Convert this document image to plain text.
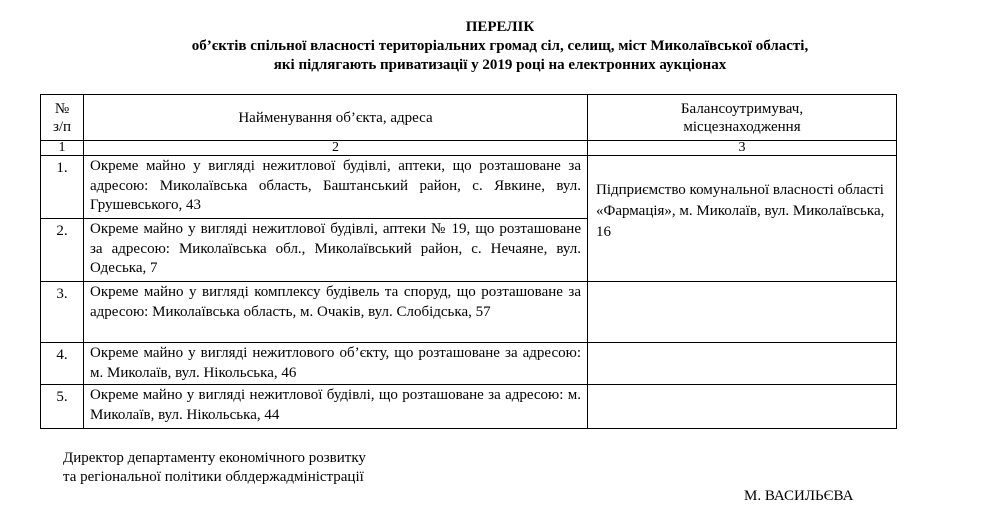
ПЕРЕЛІК
об’єктів спільної власності територіальних громад сіл, селищ, міст Миколаївської області,
які підлягають приватизації у 2019 році на електронних аукціонах
№
з/п	Найменування об’єкта, адреса	Балансоутримувач,
місцезнаходження
1	2	3
1.	Окреме майно у вигляді нежитлової будівлі, аптеки, що розташоване за адресою: Миколаївська область, Баштанський район, с. Явкине, вул. Грушевського, 43	Підприємство комунальної власності області «Фармація», м. Миколаїв, вул. Миколаївська, 16
2.	Окреме майно у вигляді нежитлової будівлі, аптеки № 19, що розташоване за адресою: Миколаївська обл., Миколаївський район, с. Нечаяне, вул. Одеська, 7	
3.	Окреме майно у вигляді комплексу будівель та споруд, що розташоване за адресою: Миколаївська область, м. Очаків, вул. Слобідська, 57	
4.	Окреме майно у вигляді нежитлового об’єкту, що розташоване за адресою: м. Миколаїв, вул. Нікольська, 46	
5.	Окреме майно у вигляді нежитлової будівлі, що розташоване за адресою: м. Миколаїв, вул. Нікольська, 44	
Директор департаменту економічного розвитку та регіональної політики облдержадміністрації
М. ВАСИЛЬЄВА
